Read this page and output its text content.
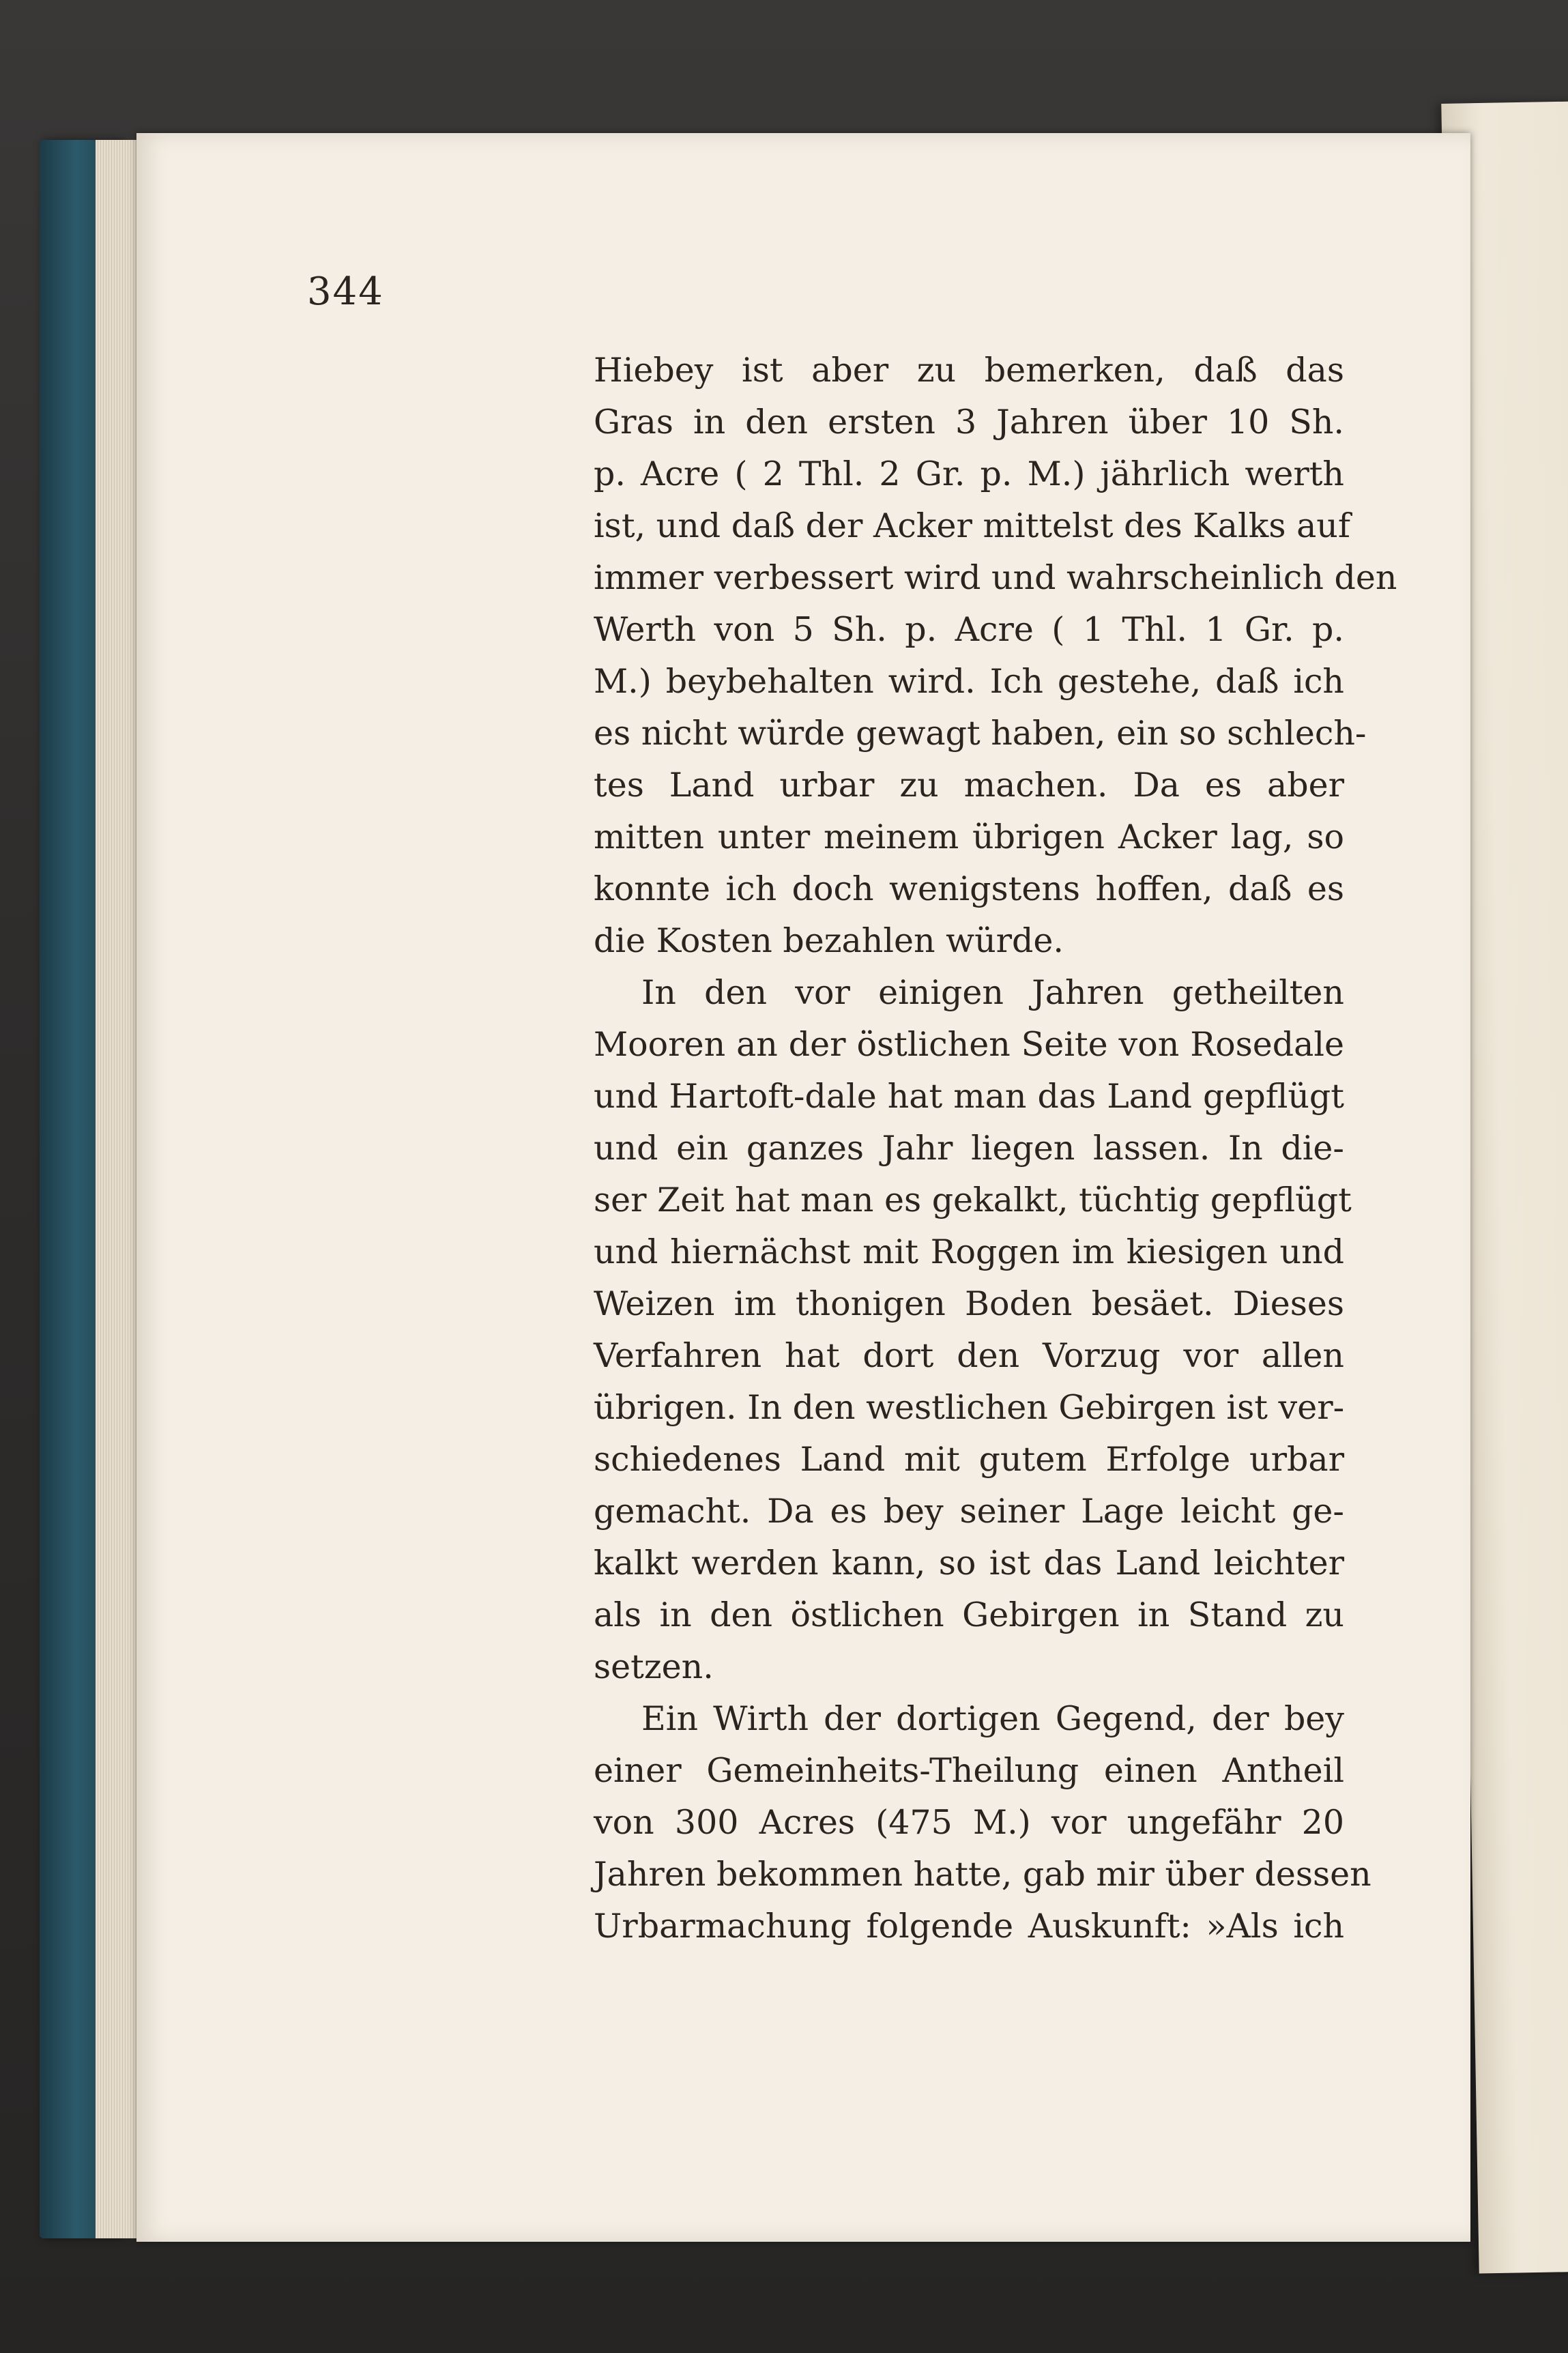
344
Hiebey ist aber zu bemerken, daß das
Gras in den ersten 3 Jahren über 10 Sh.
p. Acre ( 2 Thl. 2 Gr. p. M.) jährlich werth
ist, und daß der Acker mittelst des Kalks auf
immer verbessert wird und wahrscheinlich den
Werth von 5 Sh. p. Acre ( 1 Thl. 1 Gr. p.
M.) beybehalten wird. Ich gestehe, daß ich
es nicht würde gewagt haben, ein so schlech-
tes Land urbar zu machen. Da es aber
mitten unter meinem übrigen Acker lag, so
konnte ich doch wenigstens hoffen, daß es
die Kosten bezahlen würde.
In den vor einigen Jahren getheilten
Mooren an der östlichen Seite von Rosedale
und Hartoft-dale hat man das Land gepflügt
und ein ganzes Jahr liegen lassen. In die-
ser Zeit hat man es gekalkt, tüchtig gepflügt
und hiernächst mit Roggen im kiesigen und
Weizen im thonigen Boden besäet. Dieses
Verfahren hat dort den Vorzug vor allen
übrigen. In den westlichen Gebirgen ist ver-
schiedenes Land mit gutem Erfolge urbar
gemacht. Da es bey seiner Lage leicht ge-
kalkt werden kann, so ist das Land leichter
als in den östlichen Gebirgen in Stand zu
setzen.
Ein Wirth der dortigen Gegend, der bey
einer Gemeinheits-Theilung einen Antheil
von 300 Acres (475 M.) vor ungefähr 20
Jahren bekommen hatte, gab mir über dessen
Urbarmachung folgende Auskunft: »Als ich
